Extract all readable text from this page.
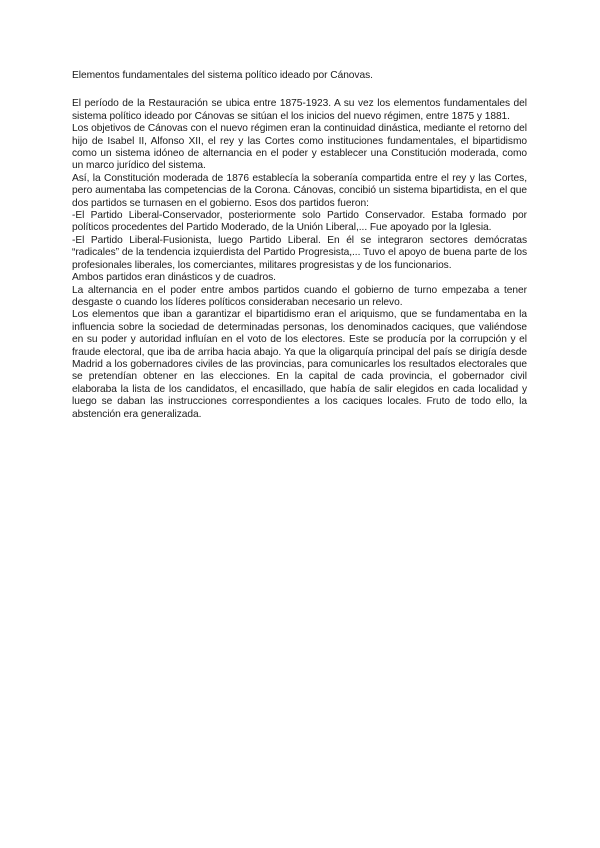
Elementos fundamentales del sistema político ideado por Cánovas.

El período de la Restauración se ubica entre 1875-1923. A su vez los elementos fundamentales del sistema político ideado por Cánovas se sitúan el los inicios del nuevo régimen, entre 1875 y 1881.

Los objetivos de Cánovas con el nuevo régimen eran la continuidad dinástica, mediante el retorno del hijo de Isabel II, Alfonso XII, el rey y las Cortes como instituciones fundamentales, el bipartidismo como un sistema idóneo de alternancia en el poder y establecer una Constitución moderada, como un marco jurídico del sistema.

Así, la Constitución moderada de 1876 establecía la soberanía compartida entre el rey y las Cortes, pero aumentaba las competencias de la Corona. Cánovas, concibió un sistema bipartidista, en el que dos partidos se turnasen en el gobierno. Esos dos partidos fueron:

-El Partido Liberal-Conservador, posteriormente solo Partido Conservador. Estaba formado por políticos procedentes del Partido Moderado, de la Unión Liberal,... Fue apoyado por la Iglesia.

-El Partido Liberal-Fusionista, luego Partido Liberal. En él se integraron sectores demócratas “radicales” de la tendencia izquierdista del Partido Progresista,... Tuvo el apoyo de buena parte de los profesionales liberales, los comerciantes, militares progresistas y de los funcionarios.

Ambos partidos eran dinásticos y de cuadros.

La alternancia en el poder entre ambos partidos cuando el gobierno de turno empezaba a tener desgaste o cuando los líderes políticos consideraban necesario un relevo.

Los elementos que iban a garantizar el bipartidismo eran el ariquismo, que se fundamentaba en la influencia sobre la sociedad de determinadas personas, los denominados caciques, que valiéndose en su poder y autoridad influían en el voto de los electores. Este se producía por la corrupción y el fraude electoral, que iba de arriba hacia abajo. Ya que la oligarquía principal del país se dirigía desde Madrid a los gobernadores civiles de las provincias, para comunicarles los resultados electorales que se pretendían obtener en las elecciones. En la capital de cada provincia, el gobernador civil elaboraba la lista de los candidatos, el encasillado, que había de salir elegidos en cada localidad y luego se daban las instrucciones correspondientes a los caciques locales. Fruto de todo ello, la abstención era generalizada.
